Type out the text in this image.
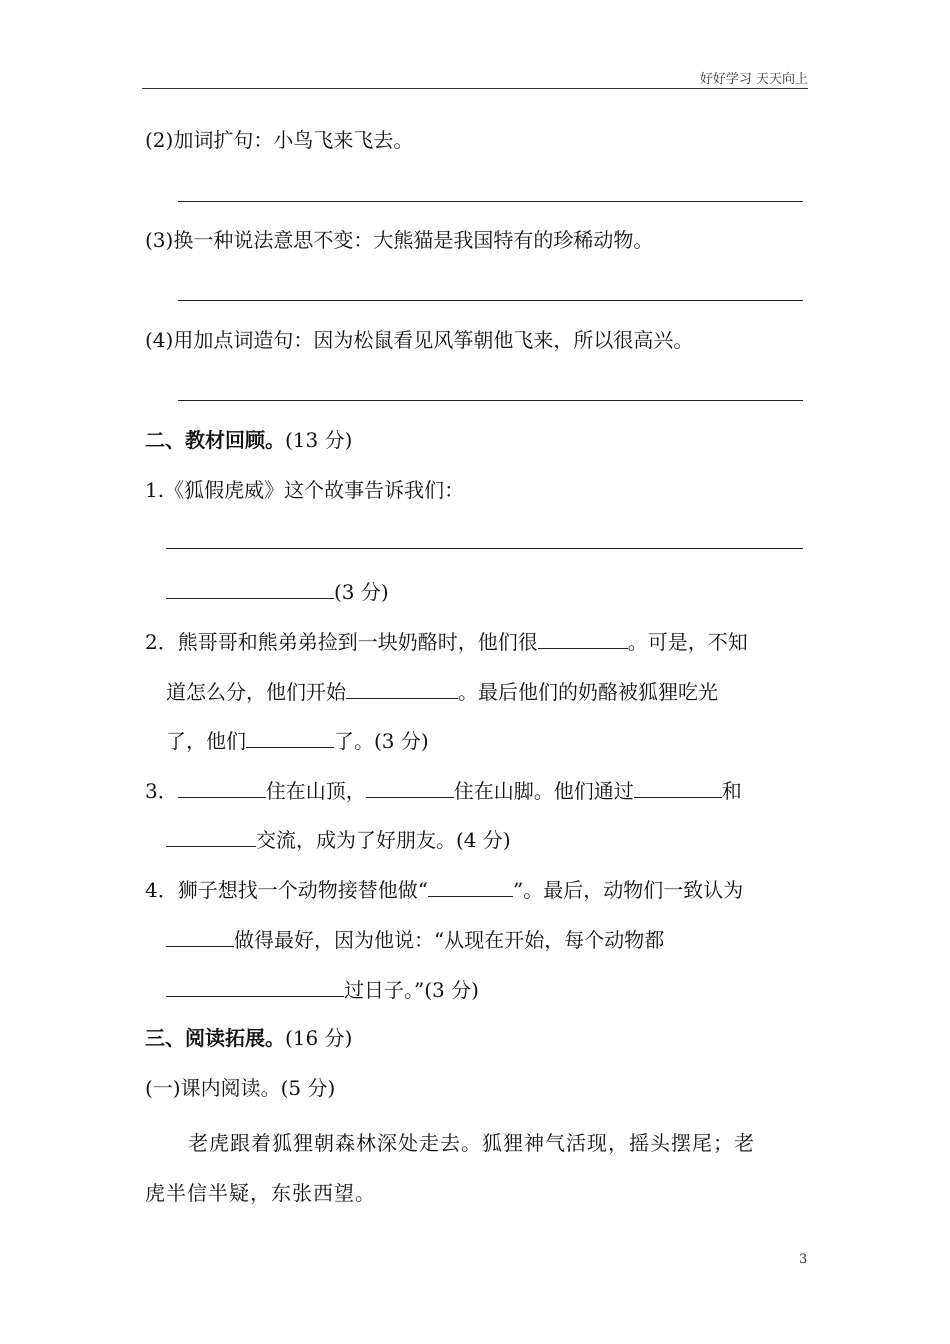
好好学习 天天向上
(2)加词扩句：小鸟飞来飞去。
(3)换一种说法意思不变：大熊猫是我国特有的珍稀动物。
(4)用加点词造句：因为松鼠看见风筝朝他飞来，所以很高兴。
二、教材回顾。(13 分)
1.《狐假虎威》这个故事告诉我们：
(3 分)
2．熊哥哥和熊弟弟捡到一块奶酪时，他们很	。可是，不知
道怎么分，他们开始	。最后他们的奶酪被狐狸吃光
了，他们	了。(3 分)
3．	住在山顶，	住在山脚。他们通过	和
交流，成为了好朋友。(4 分)
4．狮子想找一个动物接替他做“	”。最后，动物们一致认为
做得最好，因为他说：“从现在开始，每个动物都
过日子。”(3 分)
三、阅读拓展。(16 分)
(一)课内阅读。(5 分)
老虎跟着狐狸朝森林深处走去。狐狸神气活现，摇头摆尾；老
虎半信半疑，东张西望。
3
